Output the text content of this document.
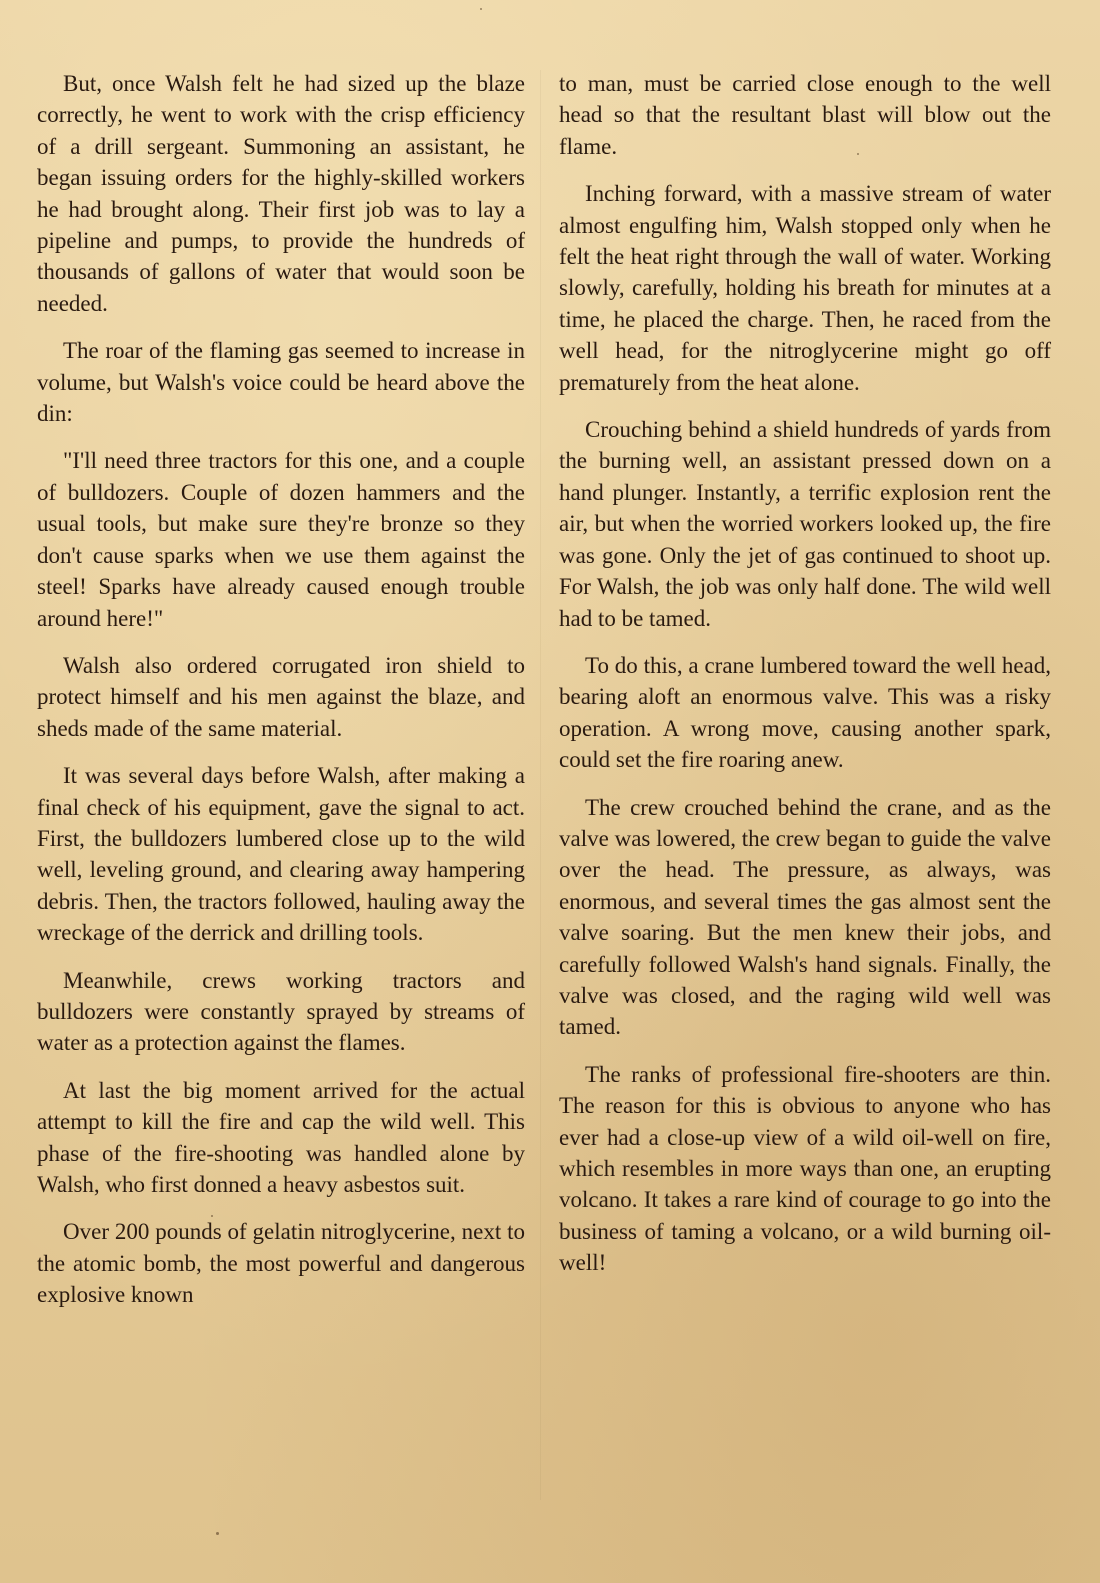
But, once Walsh felt he had sized up the blaze correctly, he went to work with the crisp efficiency of a drill sergeant. Summoning an assistant, he began issuing orders for the highly-skilled workers he had brought along. Their first job was to lay a pipeline and pumps, to provide the hundreds of thousands of gallons of water that would soon be needed.

The roar of the flaming gas seemed to increase in volume, but Walsh's voice could be heard above the din:

"I'll need three tractors for this one, and a couple of bulldozers. Couple of dozen hammers and the usual tools, but make sure they're bronze so they don't cause sparks when we use them against the steel! Sparks have already caused enough trouble around here!"

Walsh also ordered corrugated iron shield to protect himself and his men against the blaze, and sheds made of the same material.

It was several days before Walsh, after making a final check of his equipment, gave the signal to act. First, the bulldozers lumbered close up to the wild well, leveling ground, and clearing away hampering debris. Then, the tractors followed, hauling away the wreckage of the derrick and drilling tools.

Meanwhile, crews working tractors and bulldozers were constantly sprayed by streams of water as a protection against the flames.

At last the big moment arrived for the actual attempt to kill the fire and cap the wild well. This phase of the fire-shooting was handled alone by Walsh, who first donned a heavy asbestos suit.

Over 200 pounds of gelatin nitroglycerine, next to the atomic bomb, the most powerful and dangerous explosive known

to man, must be carried close enough to the well head so that the resultant blast will blow out the flame.

Inching forward, with a massive stream of water almost engulfing him, Walsh stopped only when he felt the heat right through the wall of water. Working slowly, carefully, holding his breath for minutes at a time, he placed the charge. Then, he raced from the well head, for the nitroglycerine might go off prematurely from the heat alone.

Crouching behind a shield hundreds of yards from the burning well, an assistant pressed down on a hand plunger. Instantly, a terrific explosion rent the air, but when the worried workers looked up, the fire was gone. Only the jet of gas continued to shoot up. For Walsh, the job was only half done. The wild well had to be tamed.

To do this, a crane lumbered toward the well head, bearing aloft an enormous valve. This was a risky operation. A wrong move, causing another spark, could set the fire roaring anew.

The crew crouched behind the crane, and as the valve was lowered, the crew began to guide the valve over the head. The pressure, as always, was enormous, and several times the gas almost sent the valve soaring. But the men knew their jobs, and carefully followed Walsh's hand signals. Finally, the valve was closed, and the raging wild well was tamed.

The ranks of professional fire-shooters are thin. The reason for this is obvious to anyone who has ever had a close-up view of a wild oil-well on fire, which resembles in more ways than one, an erupting volcano. It takes a rare kind of courage to go into the business of taming a volcano, or a wild burning oil-well!
